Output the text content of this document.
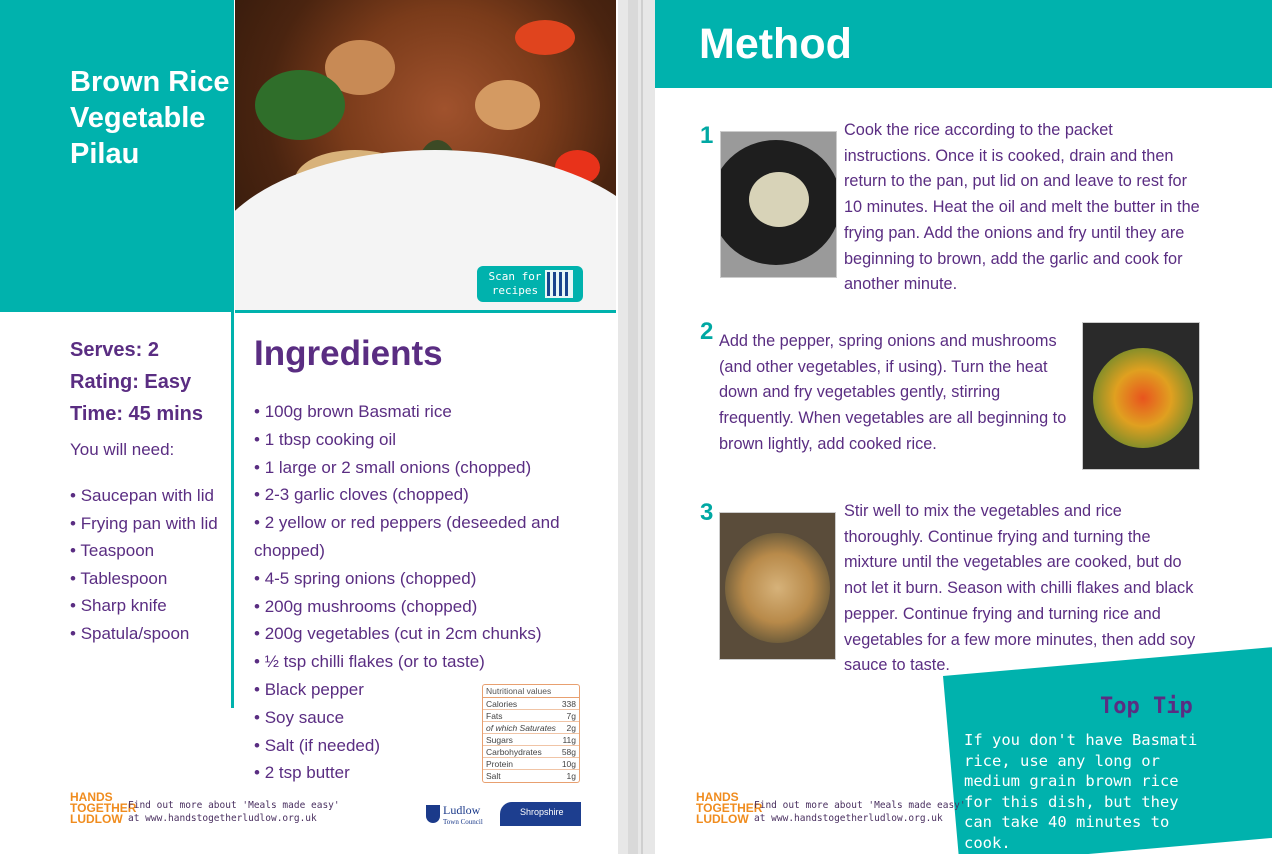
Brown Rice Vegetable Pilau
Scan for recipes
Serves: 2
Rating: Easy
Time: 45 mins
You will need:
• Saucepan with lid
• Frying pan with lid
• Teaspoon
• Tablespoon
• Sharp knife
• Spatula/spoon
Ingredients
• 100g brown Basmati rice
• 1 tbsp cooking oil
• 1 large or 2 small onions (chopped)
• 2-3 garlic cloves (chopped)
• 2 yellow or red peppers (deseeded and chopped)
• 4-5 spring onions (chopped)
• 200g mushrooms (chopped)
• 200g vegetables (cut in 2cm chunks)
• ½ tsp chilli flakes (or to taste)
• Black pepper
• Soy sauce
• Salt (if needed)
• 2 tsp butter
Nutritional values
Calories	338
Fats	7g
of which Saturates 2g
Sugars	11g
Carbohydrates 58g
Protein	10g
Salt	1g
HANDS TOGETHER LUDLOW
Find out more about 'Meals made easy'
at www.handstogetherludlow.org.uk
Ludlow
Town Council
Shropshire
Method
1	Cook the rice according to the packet instructions. Once it is cooked, drain and then return to the pan, put lid on and leave to rest for 10 minutes. Heat the oil and melt the butter in the frying pan. Add the onions and fry until they are beginning to brown, add the garlic and cook for another minute.
2 Add the pepper, spring onions and mushrooms (and other vegetables, if using). Turn the heat down and fry vegetables gently, stirring frequently. When vegetables are all beginning to brown lightly, add cooked rice.
3	Stir well to mix the vegetables and rice thoroughly. Continue frying and turning the mixture until the vegetables are cooked, but do not let it burn. Season with chilli flakes and black pepper. Continue frying and turning rice and vegetables for a few more minutes, then add soy sauce to taste.
Top Tip
If you don't have Basmati rice, use any long or medium grain brown rice for this dish, but they can take 40 minutes to cook.
HANDS TOGETHER LUDLOW
Find out more about 'Meals made easy'
at www.handstogetherludlow.org.uk
